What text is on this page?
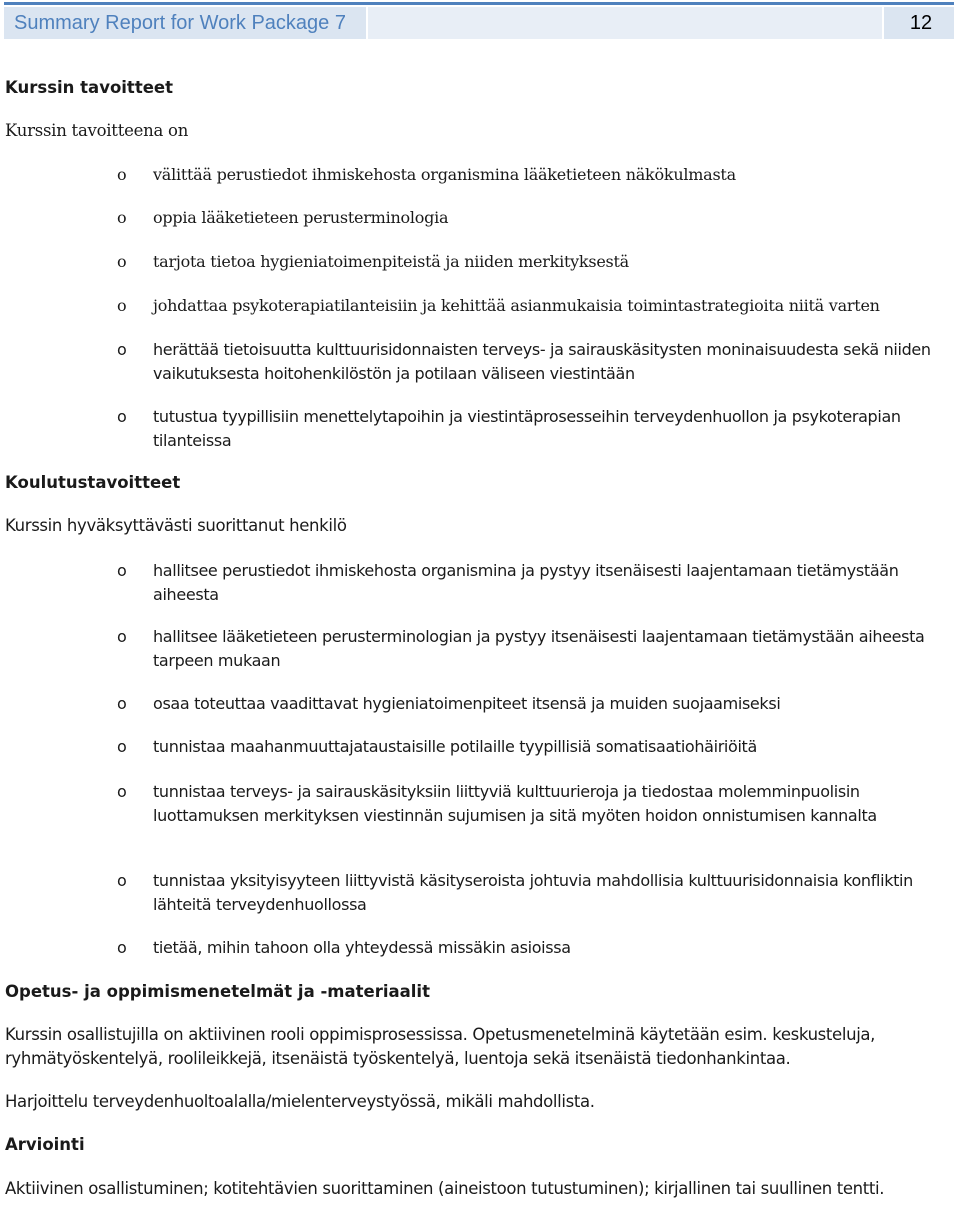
Summary Report for Work Package 7	12
Kurssin tavoitteet
Kurssin tavoitteena on
o välittää perustiedot ihmiskehosta organismina lääketieteen näkökulmasta
o oppia lääketieteen perusterminologia
o tarjota tietoa hygieniatoimenpiteistä ja niiden merkityksestä
o johdattaa psykoterapiatilanteisiin ja kehittää asianmukaisia toimintastrategioita niitä varten
o herättää tietoisuutta kulttuurisidonnaisten terveys- ja sairauskäsitysten moninaisuudesta sekä niiden vaikutuksesta hoitohenkilöstön ja potilaan väliseen viestintään
o tutustua tyypillisiin menettelytapoihin ja viestintäprosesseihin terveydenhuollon ja psykoterapian tilanteissa
Koulutustavoitteet
Kurssin hyväksyttävästi suorittanut henkilö
o hallitsee perustiedot ihmiskehosta organismina ja pystyy itsenäisesti laajentamaan tietämystään aiheesta
o hallitsee lääketieteen perusterminologian ja pystyy itsenäisesti laajentamaan tietämystään aiheesta tarpeen mukaan
o osaa toteuttaa vaadittavat hygieniatoimenpiteet itsensä ja muiden suojaamiseksi
o tunnistaa maahanmuuttajataustaisille potilaille tyypillisiä somatisaatiohäiriöitä
o tunnistaa terveys- ja sairauskäsityksiin liittyviä kulttuurieroja ja tiedostaa molemminpuolisin luottamuksen merkityksen viestinnän sujumisen ja sitä myöten hoidon onnistumisen kannalta
o tunnistaa yksityisyyteen liittyvistä käsityseroista johtuvia mahdollisia kulttuurisidonnaisia konfliktin lähteitä terveydenhuollossa
o tietää, mihin tahoon olla yhteydessä missäkin asioissa
Opetus- ja oppimismenetelmät ja -materiaalit
Kurssin osallistujilla on aktiivinen rooli oppimisprosessissa. Opetusmenetelminä käytetään esim. keskusteluja, ryhmätyöskentelyä, roolileikkejä, itsenäistä työskentelyä, luentoja sekä itsenäistä tiedonhankintaa.
Harjoittelu terveydenhuoltoalalla/mielenterveystyössä, mikäli mahdollista.
Arviointi
Aktiivinen osallistuminen; kotitehtävien suorittaminen (aineistoon tutustuminen); kirjallinen tai suullinen tentti.
